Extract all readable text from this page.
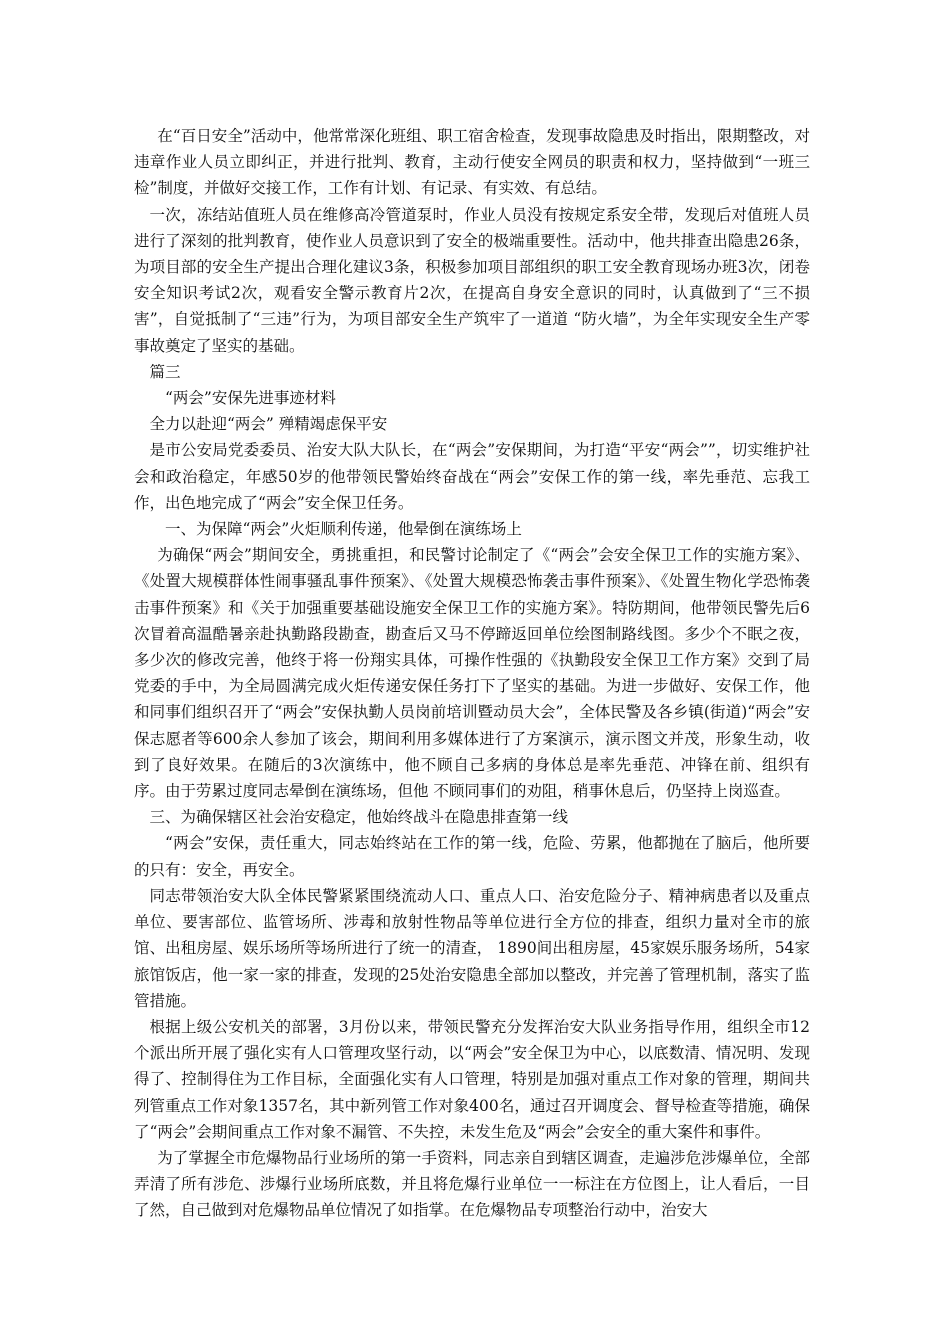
在“百日安全”活动中，他常常深化班组、职工宿舍检查，发现事故隐患及时指出，限期整改，对违章作业人员立即纠正，并进行批判、教育，主动行使安全网员的职责和权力，坚持做到“一班三检”制度，并做好交接工作，工作有计划、有记录、有实效、有总结。

一次，冻结站值班人员在维修高冷管道泵时，作业人员没有按规定系安全带，发现后对值班人员进行了深刻的批判教育，使作业人员意识到了安全的极端重要性。活动中，他共排查出隐患26条，为项目部的安全生产提出合理化建议3条，积极参加项目部组织的职工安全教育现场办班3次，闭卷安全知识考试2次，观看安全警示教育片2次，在提高自身安全意识的同时，认真做到了“三不损害”，自觉抵制了“三违”行为，为项目部安全生产筑牢了一道道 “防火墙”，为全年实现安全生产零事故奠定了坚实的基础。

篇三

“两会”安保先进事迹材料

全力以赴迎“两会” 殚精竭虑保平安

是市公安局党委委员、治安大队大队长，在“两会”安保期间，为打造“平安“两会””，切实维护社会和政治稳定，年感50岁的他带领民警始终奋战在“两会”安保工作的第一线，率先垂范、忘我工作，出色地完成了“两会”安全保卫任务。

一、为保障“两会”火炬顺利传递，他晕倒在演练场上

为确保“两会”期间安全，勇挑重担，和民警讨论制定了《“两会”会安全保卫工作的实施方案》、《处置大规模群体性闹事骚乱事件预案》、《处置大规模恐怖袭击事件预案》、《处置生物化学恐怖袭击事件预案》和《关于加强重要基础设施安全保卫工作的实施方案》。特防期间，他带领民警先后6次冒着高温酷暑亲赴执勤路段勘查，勘查后又马不停蹄返回单位绘图制路线图。多少个不眠之夜，多少次的修改完善，他终于将一份翔实具体，可操作性强的《执勤段安全保卫工作方案》交到了局党委的手中，为全局圆满完成火炬传递安保任务打下了坚实的基础。为进一步做好、安保工作，他和同事们组织召开了“两会”安保执勤人员岗前培训暨动员大会”，全体民警及各乡镇(街道)“两会”安保志愿者等600余人参加了该会，期间利用多媒体进行了方案演示，演示图文并茂，形象生动，收到了良好效果。在随后的3次演练中，他不顾自己多病的身体总是率先垂范、冲锋在前、组织有序。由于劳累过度同志晕倒在演练场，但他 不顾同事们的劝阻，稍事休息后，仍坚持上岗巡查。

三、为确保辖区社会治安稳定，他始终战斗在隐患排查第一线

“两会”安保，责任重大，同志始终站在工作的第一线，危险、劳累，他都抛在了脑后，他所要的只有：安全，再安全。

同志带领治安大队全体民警紧紧围绕流动人口、重点人口、治安危险分子、精神病患者以及重点单位、要害部位、监管场所、涉毒和放射性物品等单位进行全方位的排查，组织力量对全市的旅馆、出租房屋、娱乐场所等场所进行了统一的清查， 1890间出租房屋，45家娱乐服务场所，54家旅馆饭店，他一家一家的排查，发现的25处治安隐患全部加以整改，并完善了管理机制，落实了监管措施。

根据上级公安机关的部署，3月份以来，带领民警充分发挥治安大队业务指导作用，组织全市12个派出所开展了强化实有人口管理攻坚行动，以“两会”安全保卫为中心，以底数清、情况明、发现得了、控制得住为工作目标，全面强化实有人口管理，特别是加强对重点工作对象的管理，期间共列管重点工作对象1357名，其中新列管工作对象400名，通过召开调度会、督导检查等措施，确保了“两会”会期间重点工作对象不漏管、不失控，未发生危及“两会”会安全的重大案件和事件。

为了掌握全市危爆物品行业场所的第一手资料，同志亲自到辖区调查，走遍涉危涉爆单位，全部弄清了所有涉危、涉爆行业场所底数，并且将危爆行业单位一一标注在方位图上，让人看后，一目了然，自己做到对危爆物品单位情况了如指掌。在危爆物品专项整治行动中，治安大
